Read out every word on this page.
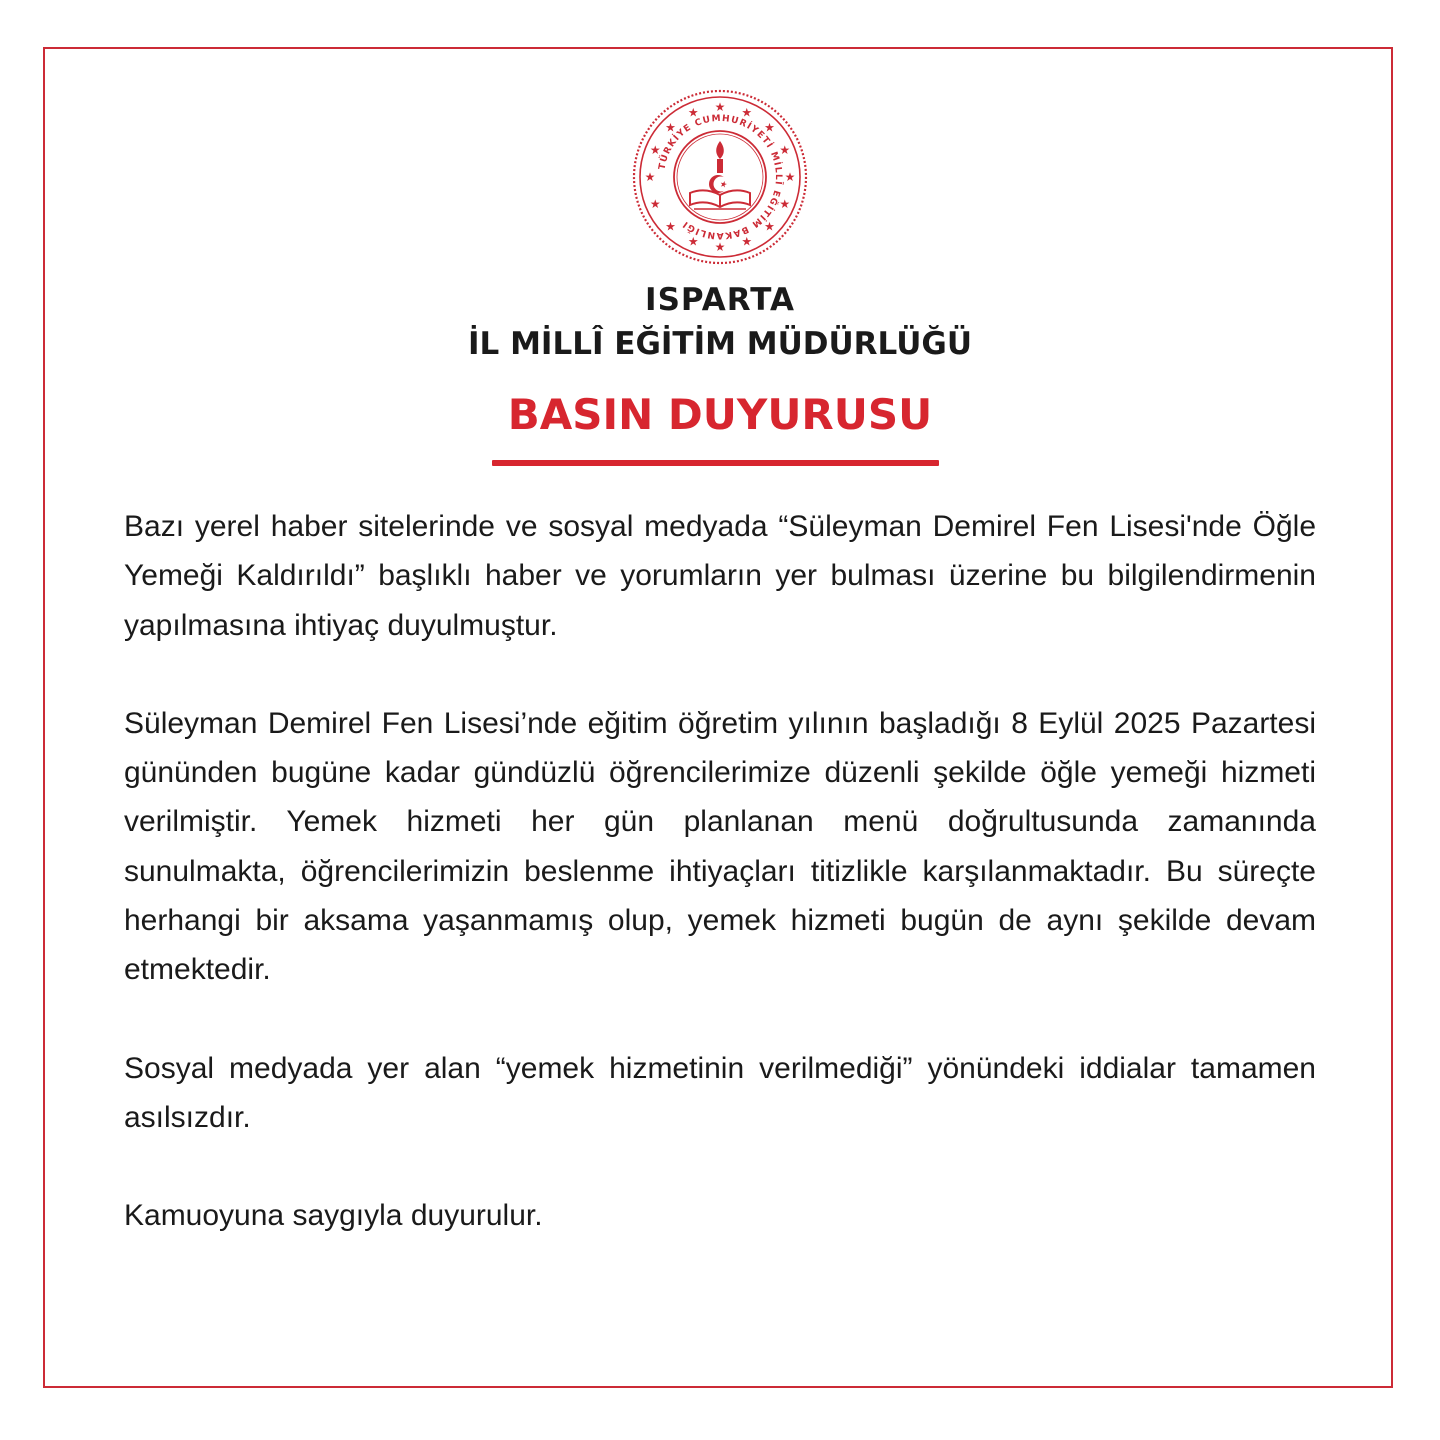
★ ★
★
★
★
★
★
★
★
★
★
★
★
★
★
★
TÜRKİYE CUMHURİYETİ MİLLÎ EĞİTİM BAKANLIĞI
ISPARTA
İL MİLLÎ EĞİTİM MÜDÜRLÜĞÜ
BASIN DUYURUSU

Bazı yerel haber sitelerinde ve sosyal medyada “Süleyman Demirel Fen Lisesi'nde Öğle Yemeği Kaldırıldı” başlıklı haber ve yorumların yer bulması üzerine bu bilgilendirmenin yapılmasına ihtiyaç duyulmuştur.

Süleyman Demirel Fen Lisesi’nde eğitim öğretim yılının başladığı 8 Eylül 2025 Pazartesi gününden bugüne kadar gündüzlü öğrencilerimize düzenli şekilde öğle yemeği hizmeti verilmiştir. Yemek hizmeti her gün planlanan menü doğrultusunda zamanında sunulmakta, öğrencilerimizin beslenme ihtiyaçları titizlikle karşılanmaktadır. Bu süreçte herhangi bir aksama yaşanmamış olup, yemek hizmeti bugün de aynı şekilde devam etmektedir.

Sosyal medyada yer alan “yemek hizmetinin verilmediği” yönündeki iddialar tamamen asılsızdır.

Kamuoyuna saygıyla duyurulur.
